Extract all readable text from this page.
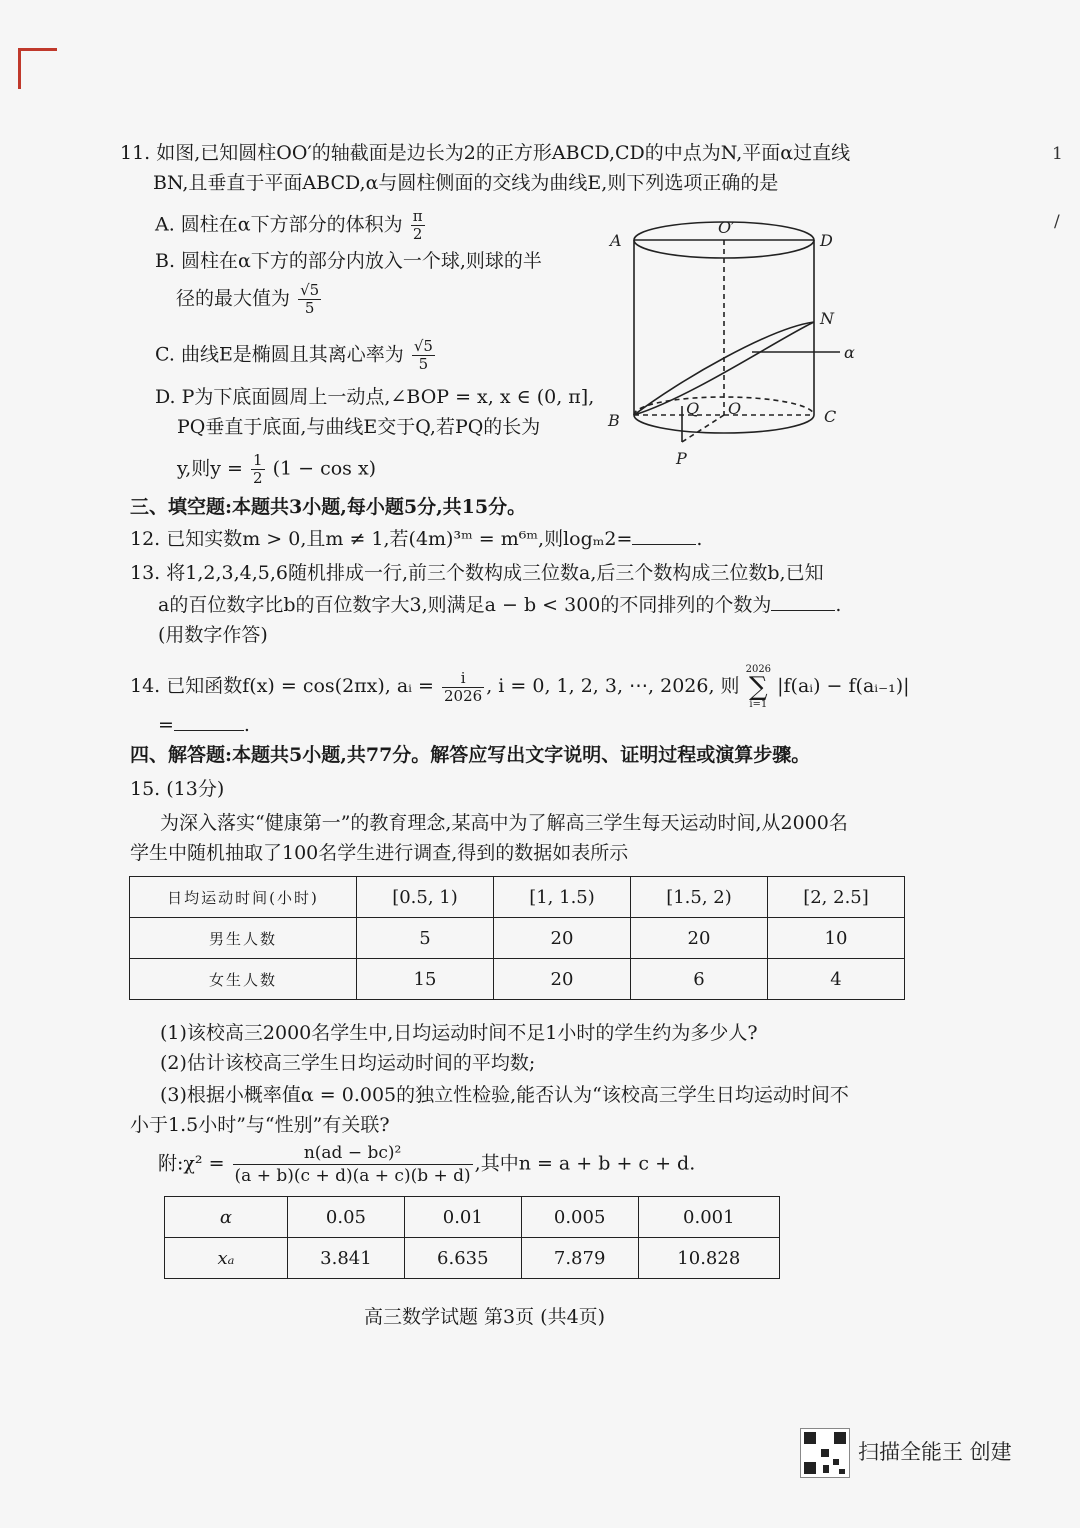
1
/
11. 如图,已知圆柱OO′的轴截面是边长为2的正方形ABCD,CD的中点为N,平面α过直线
BN,且垂直于平面ABCD,α与圆柱侧面的交线为曲线E,则下列选项正确的是
A. 圆柱在α下方部分的体积为 $\frac{\pi}{2}$
B. 圆柱在α下方的部分内放入一个球,则球的半
径的最大值为 $\frac{√5}{5}$
C. 曲线E是椭圆且其离心率为 $\frac{√5}{5}$
D. P为下底面圆周上一动点,∠BOP = x, x ∈ (0, π],
PQ垂直于底面,与曲线E交于Q,若PQ的长为
y,则$y = \frac{1}{2} (1 - \cos x)$
A	D
O′
N
α
B	C
Q O
P
三、填空题:本题共3小题,每小题5分,共15分。
12. 已知实数m > 0,且m ≠ 1,若(4m)³ᵐ = m⁶ᵐ,则logₘ2=	.
13. 将1,2,3,4,5,6随机排成一行,前三个数构成三位数a,后三个数构成三位数b,已知
a的百位数字比b的百位数字大3,则满足a − b < 300的不同排列的个数为	.
(用数字作答)
14. 已知函数f(x) = cos(2πx), aᵢ = $\frac{i}{2026}$ , i = 0, 1, 2, 3, ⋯, 2026, 则
2026
∑
i=1
|f(aᵢ) − f(aᵢ₋₁)|
=	.
四、解答题:本题共5小题,共77分。解答应写出文字说明、证明过程或演算步骤。
15. (13分)
为深入落实“健康第一”的教育理念,某高中为了解高三学生每天运动时间,从2000名
学生中随机抽取了100名学生进行调查,得到的数据如表所示
日均运动时间(小时)	[0.5, 1)	[1, 1.5)	[1.5, 2)	[2, 2.5]
男生人数	5	20	20	10
女生人数	15	20	6	4
(1)该校高三2000名学生中,日均运动时间不足1小时的学生约为多少人?
(2)估计该校高三学生日均运动时间的平均数;
(3)根据小概率值α = 0.005的独立性检验,能否认为“该校高三学生日均运动时间不
小于1.5小时”与“性别”有关联?
附:χ² = $\frac{\text{n(ad − bc)²}}{(a + b)(c + d)(a + c)(b + d)}$ ,其中n = a + b + c + d.
α	0.05	0.01	0.005	0.001
xₐ	3.841	6.635	7.879	10.828
高三数学试题 第3页 (共4页)
扫描全能王 创建
